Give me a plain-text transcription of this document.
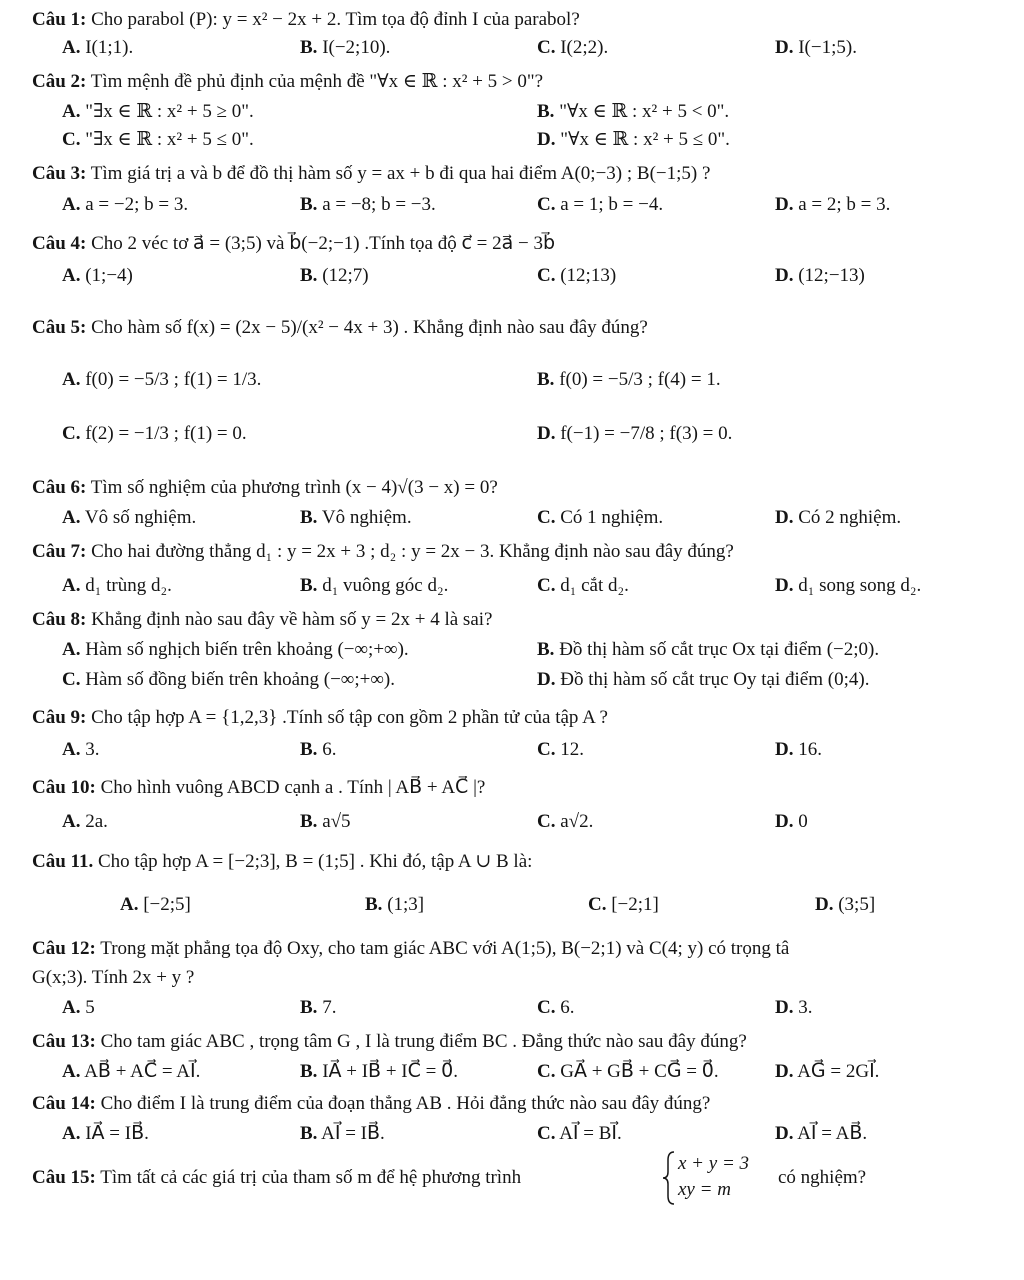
Câu 1: Cho parabol (P): y = x² − 2x + 2. Tìm tọa độ đỉnh I của parabol?
A. I(1;1).	B. I(−2;10).	C. I(2;2).	D. I(−1;5).
Câu 2: Tìm mệnh đề phủ định của mệnh đề "∀x ∈ ℝ : x² + 5 > 0"?
A. "∃x ∈ ℝ : x² + 5 ≥ 0".	B. "∀x ∈ ℝ : x² + 5 < 0".
C. "∃x ∈ ℝ : x² + 5 ≤ 0".	D. "∀x ∈ ℝ : x² + 5 ≤ 0".
Câu 3: Tìm giá trị a và b để đồ thị hàm số y = ax + b đi qua hai điểm A(0;−3) ; B(−1;5) ?
A. a = −2; b = 3.	B. a = −8; b = −3.	C. a = 1; b = −4.	D. a = 2; b = 3.
Câu 4: Cho 2 véc tơ a⃗ = (3;5) và b⃗(−2;−1) .Tính tọa độ c⃗ = 2a⃗ − 3b⃗
A. (1;−4)	B. (12;7)	C. (12;13)	D. (12;−13)
Câu 5: Cho hàm số f(x) = (2x − 5)/(x² − 4x + 3) . Khẳng định nào sau đây đúng?
A. f(0) = −5/3 ; f(1) = 1/3.	B. f(0) = −5/3 ; f(4) = 1.
C. f(2) = −1/3 ; f(1) = 0.	D. f(−1) = −7/8 ; f(3) = 0.
Câu 6: Tìm số nghiệm của phương trình (x − 4)√(3 − x) = 0?
A. Vô số nghiệm.	B. Vô nghiệm.	C. Có 1 nghiệm.	D. Có 2 nghiệm.
Câu 7: Cho hai đường thẳng d₁ : y = 2x + 3 ; d₂ : y = 2x − 3. Khẳng định nào sau đây đúng?
A. d₁ trùng d₂.	B. d₁ vuông góc d₂.	C. d₁ cắt d₂.	D. d₁ song song d₂.
Câu 8: Khẳng định nào sau đây về hàm số y = 2x + 4 là sai?
A. Hàm số nghịch biến trên khoảng (−∞;+∞).	B. Đồ thị hàm số cắt trục Ox tại điểm (−2;0).
C. Hàm số đồng biến trên khoảng (−∞;+∞).	D. Đồ thị hàm số cắt trục Oy tại điểm (0;4).
Câu 9: Cho tập hợp A = {1,2,3} .Tính số tập con gồm 2 phần tử của tập A ?
A. 3.	B. 6.	C. 12.	D. 16.
Câu 10: Cho hình vuông ABCD cạnh a . Tính | AB⃗ + AC⃗ |?
A. 2a.	B. a√5	C. a√2.	D. 0
Câu 11. Cho tập hợp A = [−2;3], B = (1;5] . Khi đó, tập A ∪ B là:
A. [−2;5]	B. (1;3]	C. [−2;1]	D. (3;5]
Câu 12: Trong mặt phẳng tọa độ Oxy, cho tam giác ABC với A(1;5), B(−2;1) và C(4; y) có trọng tâ
G(x;3). Tính 2x + y ?
A. 5	B. 7.	C. 6.	D. 3.
Câu 13: Cho tam giác ABC , trọng tâm G , I là trung điểm BC . Đẳng thức nào sau đây đúng?
A. AB⃗ + AC⃗ = AI⃗.	B. IA⃗ + IB⃗ + IC⃗ = 0⃗.	C. GA⃗ + GB⃗ + CG⃗ = 0⃗.	D. AG⃗ = 2GI⃗.
Câu 14: Cho điểm I là trung điểm của đoạn thẳng AB . Hỏi đẳng thức nào sau đây đúng?
A. IA⃗ = IB⃗.	B. AI⃗ = IB⃗.	C. AI⃗ = BI⃗.	D. AI⃗ = AB⃗.
Câu 15: Tìm tất cả các giá trị của tham số m để hệ phương trình
x + y = 3
xy = m
có nghiệm?
